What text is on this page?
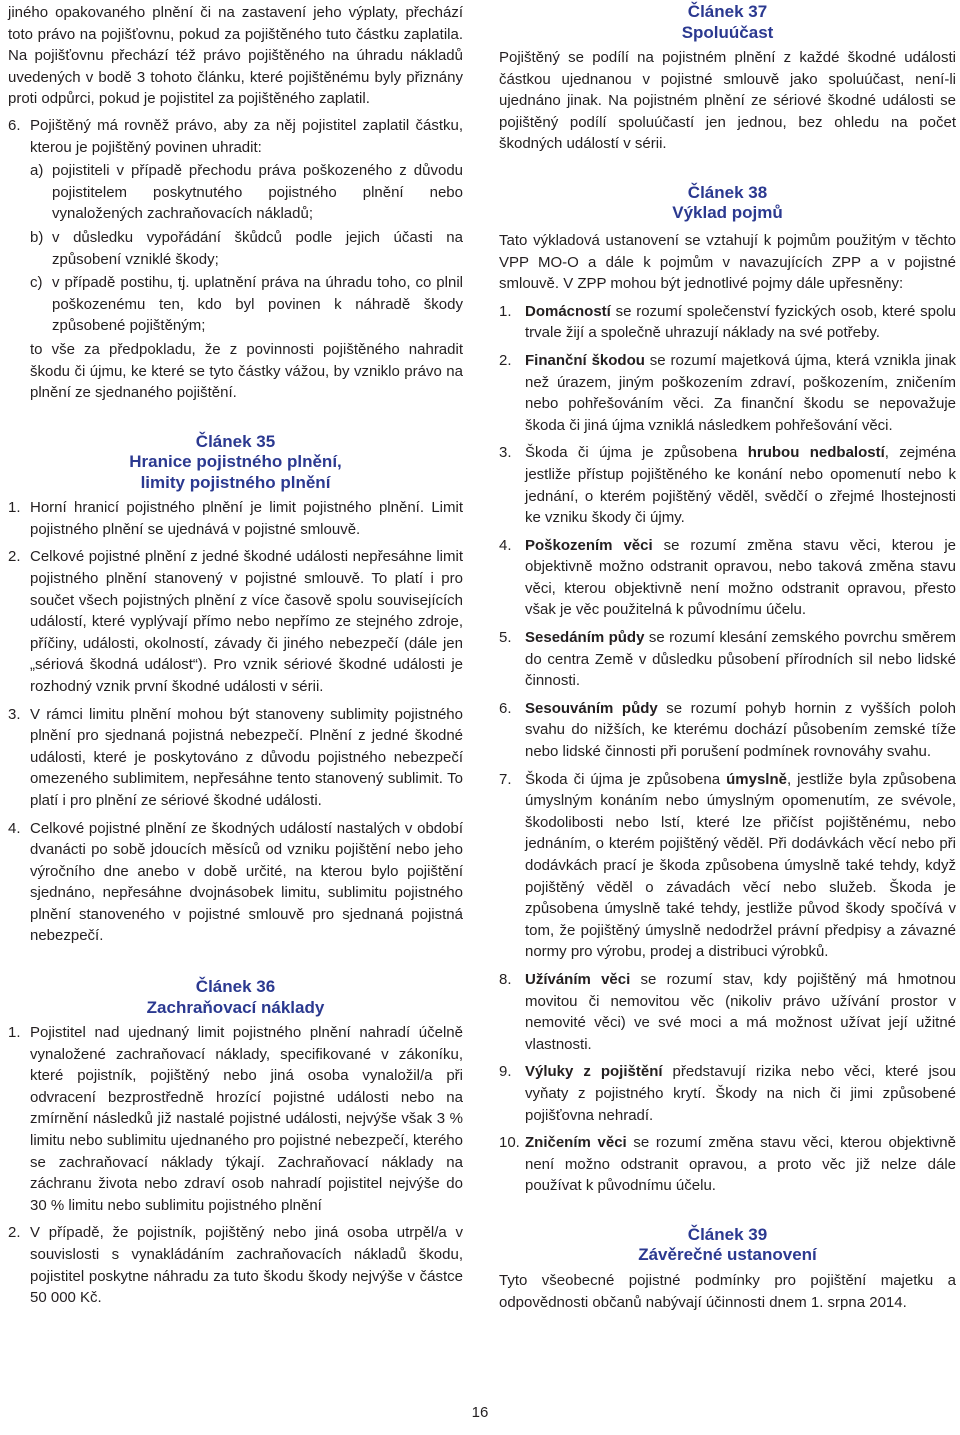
jiného opakovaného plnění či na zastavení jeho výplaty, přechází toto právo na pojišťovnu, pokud za pojištěného tuto částku zaplatila. Na pojišťovnu přechází též právo pojištěného na úhradu nákladů uvedených v bodě 3 tohoto článku, které pojištěnému byly přiznány proti odpůrci, pokud je pojistitel za pojištěného zaplatil.

6. Pojištěný má rovněž právo, aby za něj pojistitel zaplatil částku, kterou je pojištěný povinen uhradit:
a) pojistiteli v případě přechodu práva poškozeného z důvodu pojistitelem poskytnutého pojistného plnění nebo vynaložených zachraňovacích nákladů;
b) v důsledku vypořádání škůdců podle jejich účasti na způsobení vzniklé škody;
c) v případě postihu, tj. uplatnění práva na úhradu toho, co plnil poškozenému ten, kdo byl povinen k náhradě škody způsobené pojištěným;

to vše za předpokladu, že z povinnosti pojištěného nahradit škodu či újmu, ke které se tyto částky vážou, by vzniklo právo na plnění ze sjednaného pojištění.

Článek 35
Hranice pojistného plnění,
limity pojistného plnění
1. Horní hranicí pojistného plnění je limit pojistného plnění. Limit pojistného plnění se ujednává v pojistné smlouvě.
2. Celkové pojistné plnění z jedné škodné události nepřesáhne limit pojistného plnění stanovený v pojistné smlouvě. To platí i pro součet všech pojistných plnění z více časově spolu souvisejících událostí, které vyplývají přímo nebo nepřímo ze stejného zdroje, příčiny, události, okolností, závady či jiného nebezpečí (dále jen „sériová škodná událost“). Pro vznik sériové škodné události je rozhodný vznik první škodné události v sérii.
3. V rámci limitu plnění mohou být stanoveny sublimity pojistného plnění pro sjednaná pojistná nebezpečí. Plnění z jedné škodné události, které je poskytováno z důvodu pojistného nebezpečí omezeného sublimitem, nepřesáhne tento stanovený sublimit. To platí i pro plnění ze sériové škodné události.
4. Celkové pojistné plnění ze škodných událostí nastalých v období dvanácti po sobě jdoucích měsíců od vzniku pojištění nebo jeho výročního dne anebo v době určité, na kterou bylo pojištění sjednáno, nepřesáhne dvojnásobek limitu, sublimitu pojistného plnění stanoveného v pojistné smlouvě pro sjednaná pojistná nebezpečí.
Článek 36
Zachraňovací náklady
1. Pojistitel nad ujednaný limit pojistného plnění nahradí účelně vynaložené zachraňovací náklady, specifikované v zákoníku, které pojistník, pojištěný nebo jiná osoba vynaložil/a při odvracení bezprostředně hrozící pojistné události nebo na zmírnění následků již nastalé pojistné události, nejvýše však 3 % limitu nebo sublimitu ujednaného pro pojistné nebezpečí, kterého se zachraňovací náklady týkají. Zachraňovací náklady na záchranu života nebo zdraví osob nahradí pojistitel nejvýše do 30 % limitu nebo sublimitu pojistného plnění
2. V případě, že pojistník, pojištěný nebo jiná osoba utrpěl/a v souvislosti s vynakládáním zachraňovacích nákladů škodu, pojistitel poskytne náhradu za tuto škodu škody nejvýše v částce 50 000 Kč.
Článek 37
Spoluúčast

Pojištěný se podílí na pojistném plnění z každé škodné události částkou ujednanou v pojistné smlouvě jako spoluúčast, není-li ujednáno jinak. Na pojistném plnění ze sériové škodné události se pojištěný podílí spoluúčastí jen jednou, bez ohledu na počet škodných událostí v sérii.

Článek 38
Výklad pojmů

Tato výkladová ustanovení se vztahují k pojmům použitým v těchto VPP MO-O a dále k pojmům v navazujících ZPP a v pojistné smlouvě. V ZPP mohou být jednotlivé pojmy dále upřesněny:

1. Domácností se rozumí společenství fyzických osob, které spolu trvale žijí a společně uhrazují náklady na své potřeby.
2. Finanční škodou se rozumí majetková újma, která vznikla jinak než úrazem, jiným poškozením zdraví, poškozením, zničením nebo pohřešováním věci. Za finanční škodu se nepovažuje škoda či jiná újma vzniklá následkem pohřešování věci.
3. Škoda či újma je způsobena hrubou nedbalostí, zejména jestliže přístup pojištěného ke konání nebo opomenutí nebo k jednání, o kterém pojištěný věděl, svědčí o zřejmé lhostejnosti ke vzniku škody či újmy.
4. Poškozením věci se rozumí změna stavu věci, kterou je objektivně možno odstranit opravou, nebo taková změna stavu věci, kterou objektivně není možno odstranit opravou, přesto však je věc použitelná k původnímu účelu.
5. Sesedáním půdy se rozumí klesání zemského povrchu směrem do centra Země v důsledku působení přírodních sil nebo lidské činnosti.
6. Sesouváním půdy se rozumí pohyb hornin z vyšších poloh svahu do nižších, ke kterému dochází působením zemské tíže nebo lidské činnosti při porušení podmínek rovnováhy svahu.
7. Škoda či újma je způsobena úmyslně, jestliže byla způsobena úmyslným konáním nebo úmyslným opomenutím, ze svévole, škodolibosti nebo lstí, které lze přičíst pojištěnému, nebo jednáním, o kterém pojištěný věděl. Při dodávkách věcí nebo při dodávkách prací je škoda způsobena úmyslně také tehdy, když pojištěný věděl o závadách věcí nebo služeb. Škoda je způsobena úmyslně také tehdy, jestliže původ škody spočívá v tom, že pojištěný úmyslně nedodržel právní předpisy a závazné normy pro výrobu, prodej a distribuci výrobků.
8. Užíváním věci se rozumí stav, kdy pojištěný má hmotnou movitou či nemovitou věc (nikoliv právo užívání prostor v nemovité věci) ve své moci a má možnost užívat její užitné vlastnosti.
9. Výluky z pojištění představují rizika nebo věci, které jsou vyňaty z pojistného krytí. Škody na nich či jimi způsobené pojišťovna nehradí.
10. Zničením věci se rozumí změna stavu věci, kterou objektivně není možno odstranit opravou, a proto věc již nelze dále používat k původnímu účelu.
Článek 39
Závěrečné ustanovení

Tyto všeobecné pojistné podmínky pro pojištění majetku a odpovědnosti občanů nabývají účinnosti dnem 1. srpna 2014.

16
